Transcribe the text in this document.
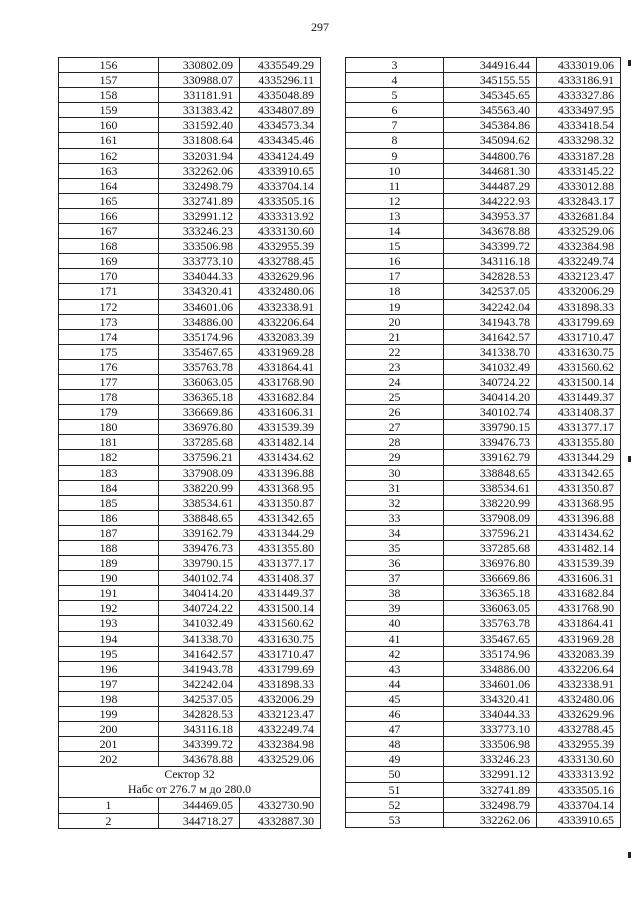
297
156	330802.09	4335549.29
157	330988.07	4335296.11
158	331181.91	4335048.89
159	331383.42	4334807.89
160	331592.40	4334573.34
161	331808.64	4334345.46
162	332031.94	4334124.49
163	332262.06	4333910.65
164	332498.79	4333704.14
165	332741.89	4333505.16
166	332991.12	4333313.92
167	333246.23	4333130.60
168	333506.98	4332955.39
169	333773.10	4332788.45
170	334044.33	4332629.96
171	334320.41	4332480.06
172	334601.06	4332338.91
173	334886.00	4332206.64
174	335174.96	4332083.39
175	335467.65	4331969.28
176	335763.78	4331864.41
177	336063.05	4331768.90
178	336365.18	4331682.84
179	336669.86	4331606.31
180	336976.80	4331539.39
181	337285.68	4331482.14
182	337596.21	4331434.62
183	337908.09	4331396.88
184	338220.99	4331368.95
185	338534.61	4331350.87
186	338848.65	4331342.65
187	339162.79	4331344.29
188	339476.73	4331355.80
189	339790.15	4331377.17
190	340102.74	4331408.37
191	340414.20	4331449.37
192	340724.22	4331500.14
193	341032.49	4331560.62
194	341338.70	4331630.75
195	341642.57	4331710.47
196	341943.78	4331799.69
197	342242.04	4331898.33
198	342537.05	4332006.29
199	342828.53	4332123.47
200	343116.18	4332249.74
201	343399.72	4332384.98
202	343678.88	4332529.06

Сектор 32
Набс от 276.7 м до 280.0		

1	344469.05	4332730.90
2	344718.27	4332887.30
3	344916.44	4333019.06
4	345155.55	4333186.91
5	345345.65	4333327.86
6	345563.40	4333497.95
7	345384.86	4333418.54
8	345094.62	4333298.32
9	344800.76	4333187.28
10	344681.30	4333145.22
11	344487.29	4333012.88
12	344222.93	4332843.17
13	343953.37	4332681.84
14	343678.88	4332529.06
15	343399.72	4332384.98
16	343116.18	4332249.74
17	342828.53	4332123.47
18	342537.05	4332006.29
19	342242.04	4331898.33
20	341943.78	4331799.69
21	341642.57	4331710.47
22	341338.70	4331630.75
23	341032.49	4331560.62
24	340724.22	4331500.14
25	340414.20	4331449.37
26	340102.74	4331408.37
27	339790.15	4331377.17
28	339476.73	4331355.80
29	339162.79	4331344.29
30	338848.65	4331342.65
31	338534.61	4331350.87
32	338220.99	4331368.95
33	337908.09	4331396.88
34	337596.21	4331434.62
35	337285.68	4331482.14
36	336976.80	4331539.39
37	336669.86	4331606.31
38	336365.18	4331682.84
39	336063.05	4331768.90
40	335763.78	4331864.41
41	335467.65	4331969.28
42	335174.96	4332083.39
43	334886.00	4332206.64
44	334601.06	4332338.91
45	334320.41	4332480.06
46	334044.33	4332629.96
47	333773.10	4332788.45
48	333506.98	4332955.39
49	333246.23	4333130.60
50	332991.12	4333313.92
51	332741.89	4333505.16
52	332498.79	4333704.14
53	332262.06	4333910.65
